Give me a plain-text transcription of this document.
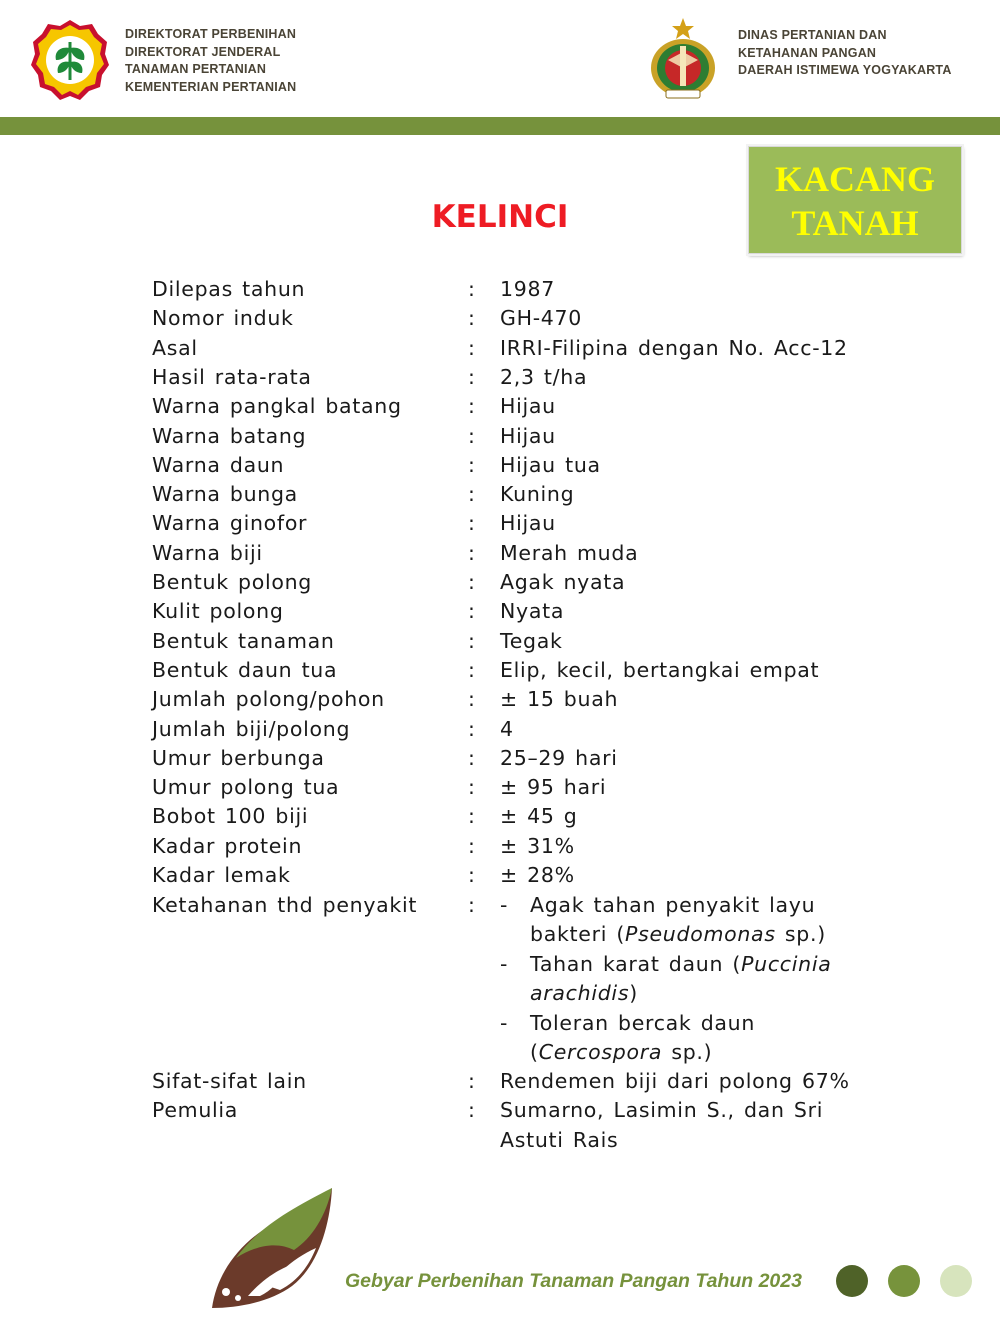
DIREKTORAT PERBENIHAN
DIREKTORAT JENDERAL
TANAMAN PERTANIAN
KEMENTERIAN PERTANIAN
DINAS PERTANIAN DAN
KETAHANAN PANGAN
DAERAH ISTIMEWA YOGYAKARTA
KACANG
TANAH
KELINCI
Dilepas tahun	: 1987
Nomor induk	: GH-470
Asal	: IRRI-Filipina dengan No. Acc-12
Hasil rata-rata	: 2,3 t/ha
Warna pangkal batang	: Hijau
Warna batang	: Hijau
Warna daun	: Hijau tua
Warna bunga	: Kuning
Warna ginofor	: Hijau
Warna biji	: Merah muda
Bentuk polong	: Agak nyata
Kulit polong	: Nyata
Bentuk tanaman	: Tegak
Bentuk daun tua	: Elip, kecil, bertangkai empat
Jumlah polong/pohon	: ± 15 buah
Jumlah biji/polong	: 4
Umur berbunga	: 25–29 hari
Umur polong tua	: ± 95 hari
Bobot 100 biji	: ± 45 g
Kadar protein	: ± 31%
Kadar lemak	: ± 28%
Ketahanan thd penyakit : - Agak tahan penyakit layu
bakteri (Pseudomonas sp.)
- Tahan karat daun (Puccinia
arachidis)
- Toleran bercak daun
(Cercospora sp.)
Sifat-sifat lain	: Rendemen biji dari polong 67%
Pemulia	: Sumarno, Lasimin S., dan Sri
Astuti Rais
Gebyar Perbenihan Tanaman Pangan Tahun 2023
